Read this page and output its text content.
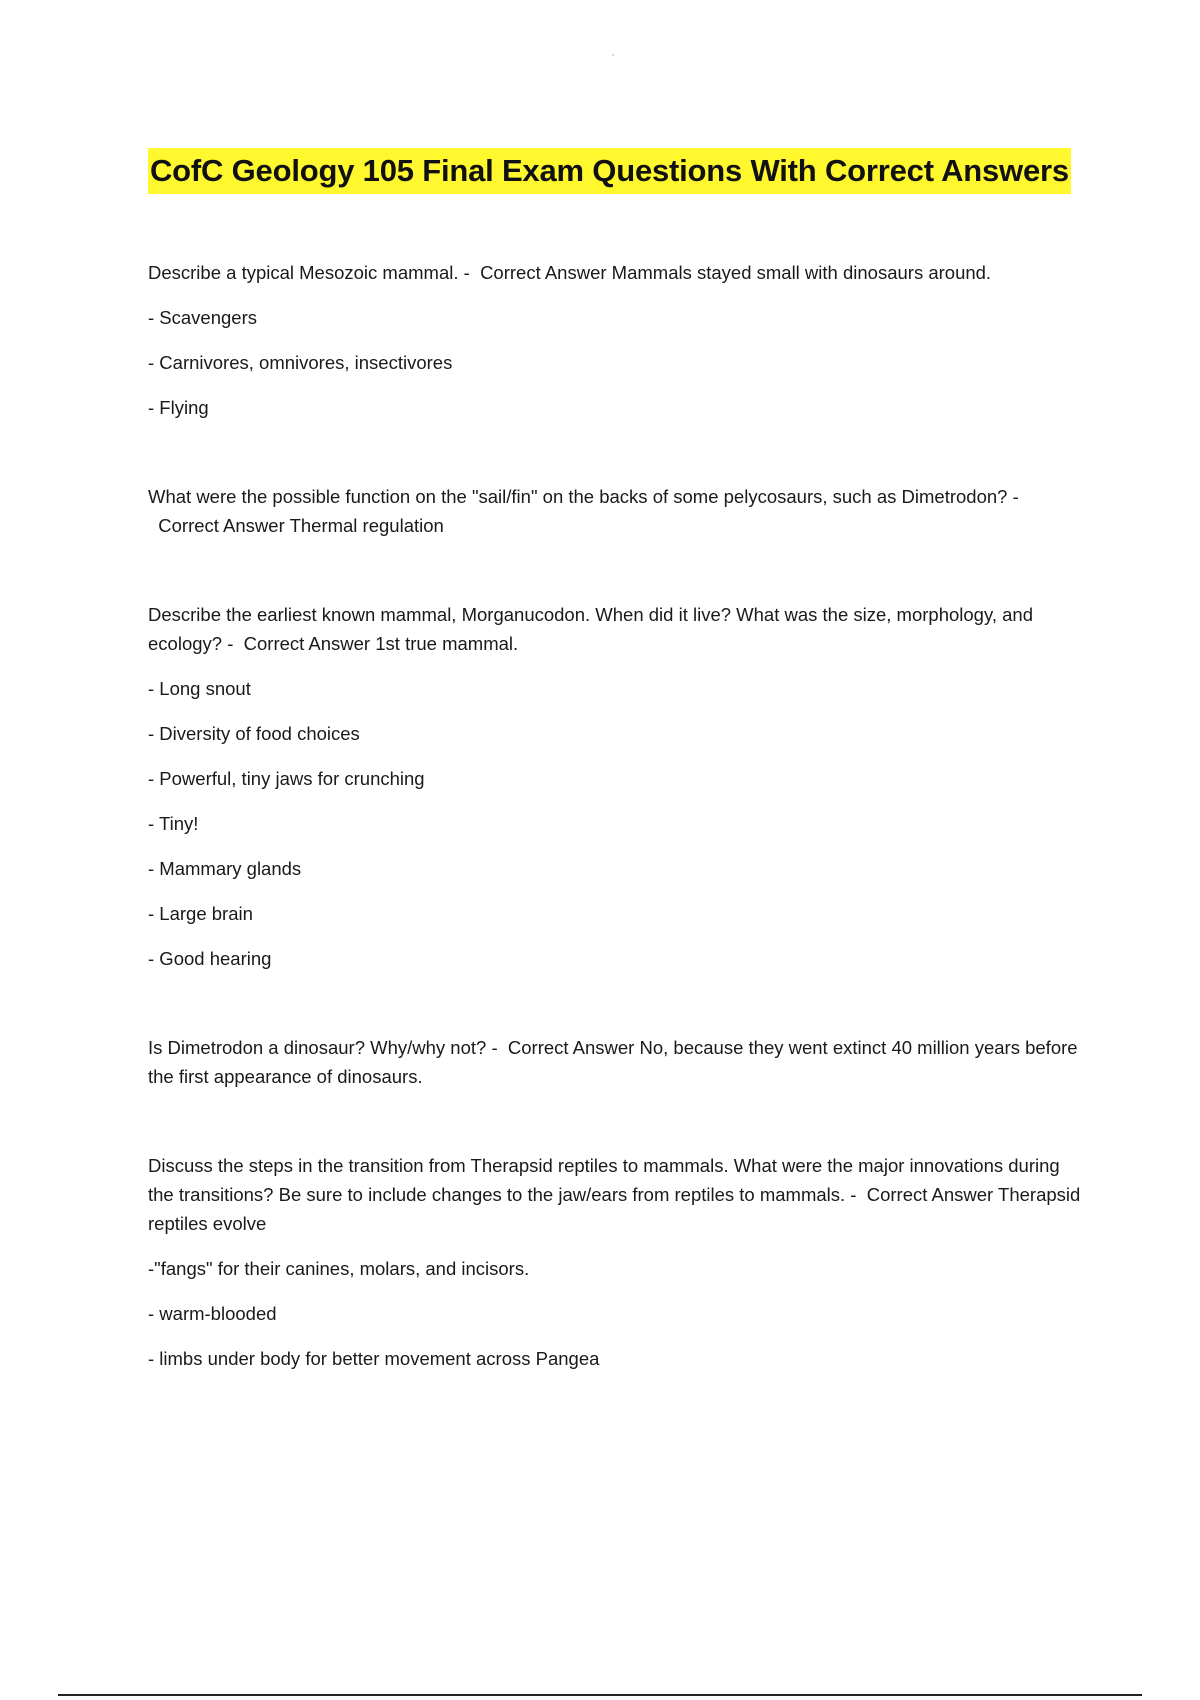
CofC Geology 105 Final Exam Questions With Correct Answers

Describe a typical Mesozoic mammal. - Correct Answer Mammals stayed small with dinosaurs around.

- Scavengers

- Carnivores, omnivores, insectivores

- Flying

What were the possible function on the "sail/fin" on the backs of some pelycosaurs, such as Dimetrodon? -  Correct Answer Thermal regulation

Describe the earliest known mammal, Morganucodon. When did it live? What was the size, morphology, and ecology? - Correct Answer 1st true mammal.

- Long snout

- Diversity of food choices

- Powerful, tiny jaws for crunching

- Tiny!

- Mammary glands

- Large brain

- Good hearing

Is Dimetrodon a dinosaur? Why/why not? - Correct Answer No, because they went extinct 40 million years before the first appearance of dinosaurs.

Discuss the steps in the transition from Therapsid reptiles to mammals. What were the major innovations during the transitions? Be sure to include changes to the jaw/ears from reptiles to mammals. - Correct Answer Therapsid reptiles evolve

-"fangs" for their canines, molars, and incisors.

- warm-blooded

- limbs under body for better movement across Pangea
